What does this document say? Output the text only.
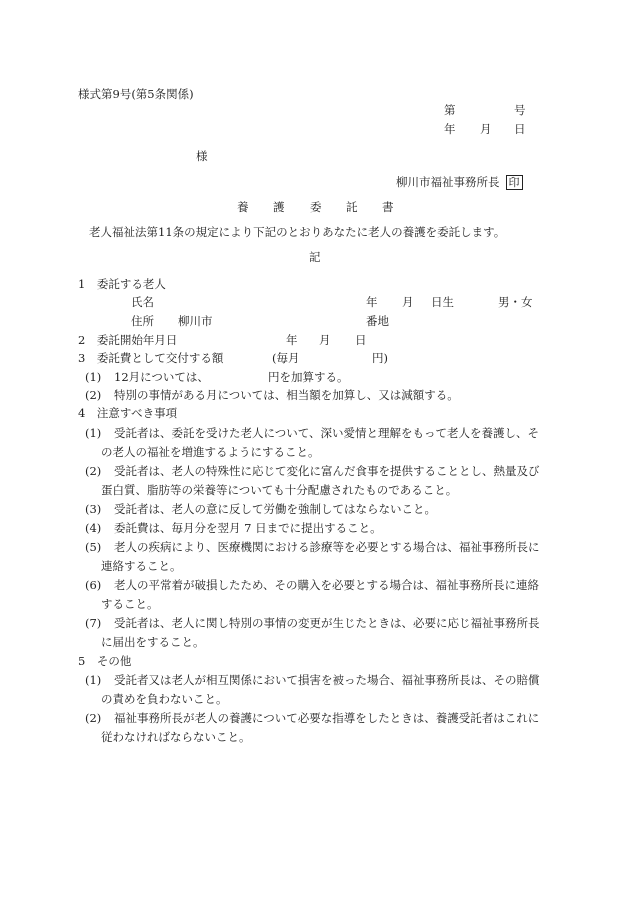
様式第9号(第5条関係)
第	号
年 月 日
様
柳川市福祉事務所長 印
養 護 委 託 書
老人福祉法第11条の規定により下記のとおりあなたに老人の養護を委託します。
記
1　委託する老人
氏名	年 月 日生	男・女
住所 柳川市	番地
2　委託開始年月日	年 月 日
3　委託費として交付する額	(毎月	円)
(1) 12月については、	円を加算する。
(2) 特別の事情がある月については、相当額を加算し、又は減額する。
4　注意すべき事項
(1) 受託者は、委託を受けた老人について、深い愛情と理解をもって老人を養護し、そ
の老人の福祉を増進するようにすること。
(2) 受託者は、老人の特殊性に応じて変化に富んだ食事を提供することとし、熱量及び
蛋白質、脂肪等の栄養等についても十分配慮されたものであること。
(3) 受託者は、老人の意に反して労働を強制してはならないこと。
(4) 委託費は、毎月分を翌月 7 日までに提出すること。
(5) 老人の疾病により、医療機関における診療等を必要とする場合は、福祉事務所長に
連絡すること。
(6) 老人の平常着が破損したため、その購入を必要とする場合は、福祉事務所長に連絡
すること。
(7) 受託者は、老人に関し特別の事情の変更が生じたときは、必要に応じ福祉事務所長
に届出をすること。
5　その他
(1) 受託者又は老人が相互関係において損害を被った場合、福祉事務所長は、その賠償
の責めを負わないこと。
(2) 福祉事務所長が老人の養護について必要な指導をしたときは、養護受託者はこれに
従わなければならないこと。
